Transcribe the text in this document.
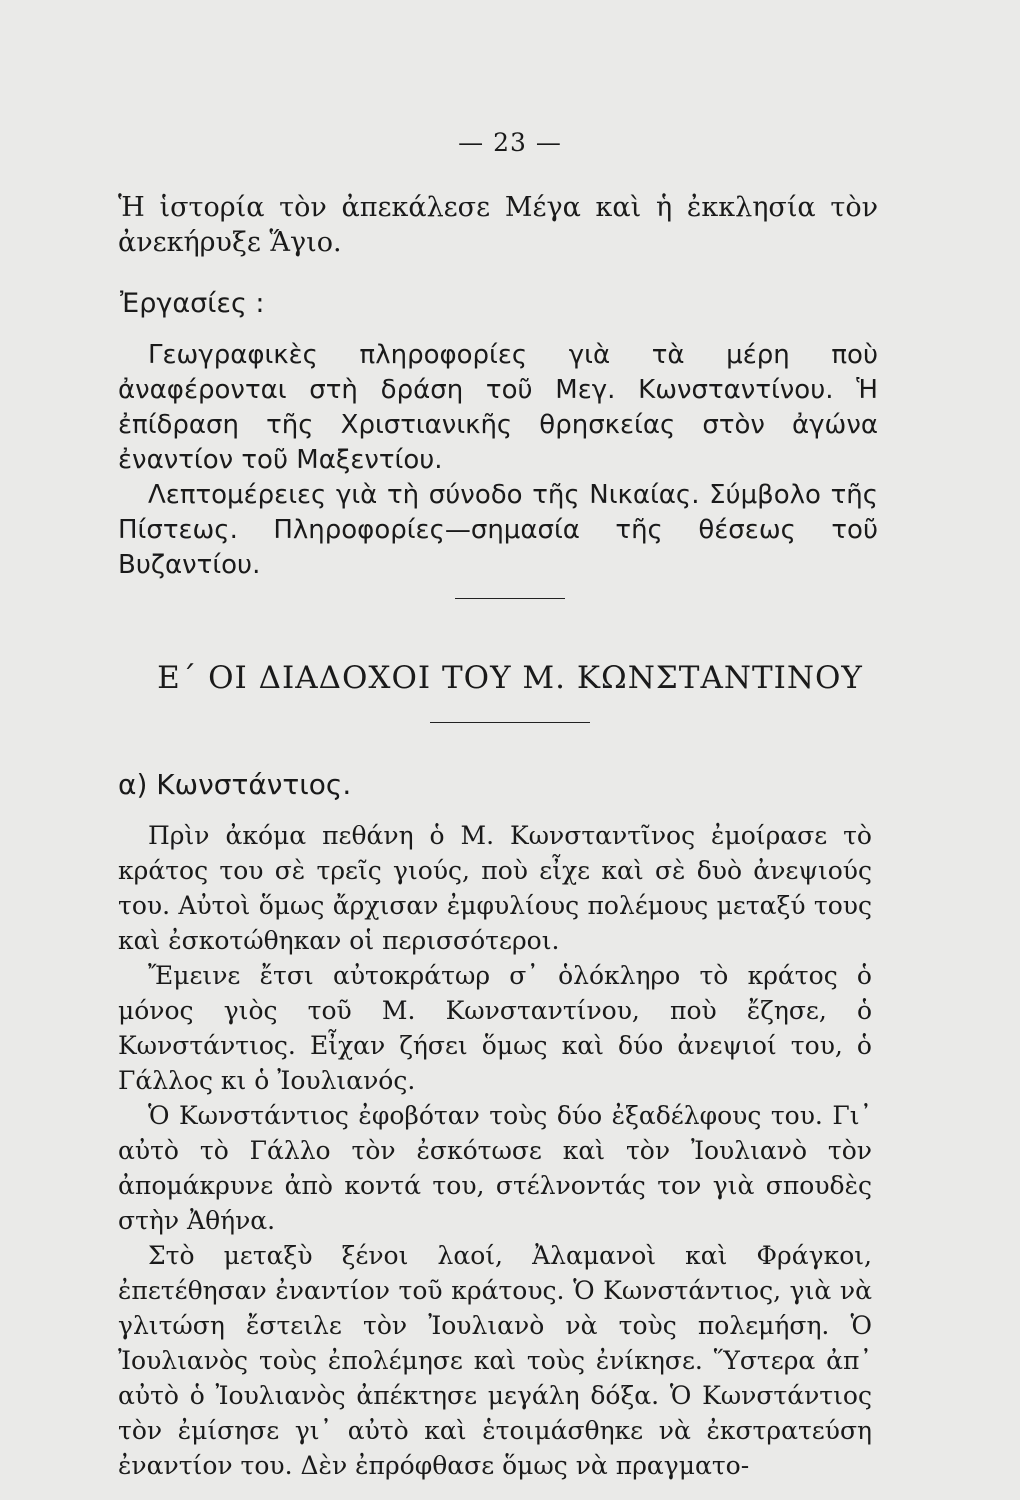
— 23 —
Ἡ ἱστορία τὸν ἀπεκάλεσε Μέγα καὶ ἡ ἐκκλησία τὸν ἀνεκήρυξε Ἅγιο.
Ἐργασίες :

Γεωγραφικὲς πληροφορίες γιὰ τὰ μέρη ποὺ ἀναφέρονται στὴ δράση τοῦ Μεγ. Κωνσταντίνου. Ἡ ἐπίδραση τῆς Χριστιανικῆς θρησκείας στὸν ἀγώνα ἐναντίον τοῦ Μαξεντίου.

Λεπτομέρειες γιὰ τὴ σύνοδο τῆς Νικαίας. Σύμβολο τῆς Πίστεως. Πληροφορίες—σημασία τῆς θέσεως τοῦ Βυζαντίου.

Ε΄ ΟΙ ΔΙΑΔΟΧΟΙ ΤΟΥ Μ. ΚΩΝΣΤΑΝΤΙΝΟΥ
α) Κωνστάντιος.

Πρὶν ἀκόμα πεθάνη ὁ Μ. Κωνσταντῖνος ἐμοίρασε τὸ κράτος του σὲ τρεῖς γιούς, ποὺ εἶχε καὶ σὲ δυὸ ἀνεψιούς του. Αὐτοὶ ὅμως ἄρχισαν ἐμφυλίους πολέμους μεταξύ τους καὶ ἐσκοτώθηκαν οἱ περισσότεροι.

Ἔμεινε ἔτσι αὐτοκράτωρ σ᾿ ὁλόκληρο τὸ κράτος ὁ μόνος γιὸς τοῦ Μ. Κωνσταντίνου, ποὺ ἔζησε, ὁ Κωνστάντιος. Εἶχαν ζήσει ὅμως καὶ δύο ἀνεψιοί του, ὁ Γάλλος κι ὁ Ἰουλιανός.

Ὁ Κωνστάντιος ἐφοβόταν τοὺς δύο ἐξαδέλφους του. Γι᾿ αὐτὸ τὸ Γάλλο τὸν ἐσκότωσε καὶ τὸν Ἰουλιανὸ τὸν ἀπομάκρυνε ἀπὸ κοντά του, στέλνοντάς τον γιὰ σπουδὲς στὴν Ἀθήνα.

Στὸ μεταξὺ ξένοι λαοί, Ἀλαμανοὶ καὶ Φράγκοι, ἐπετέθησαν ἐναντίον τοῦ κράτους. Ὁ Κωνστάντιος, γιὰ νὰ γλιτώση ἔστειλε τὸν Ἰουλιανὸ νὰ τοὺς πολεμήση. Ὁ Ἰουλιανὸς τοὺς ἐπολέμησε καὶ τοὺς ἐνίκησε. Ὕστερα ἀπ᾿ αὐτὸ ὁ Ἰουλιανὸς ἀπέκτησε μεγάλη δόξα. Ὁ Κωνστάντιος τὸν ἐμίσησε γι᾿ αὐτὸ καὶ ἑτοιμάσθηκε νὰ ἐκστρατεύση ἐναντίον του. Δὲν ἐπρόφθασε ὅμως νὰ πραγματο-
